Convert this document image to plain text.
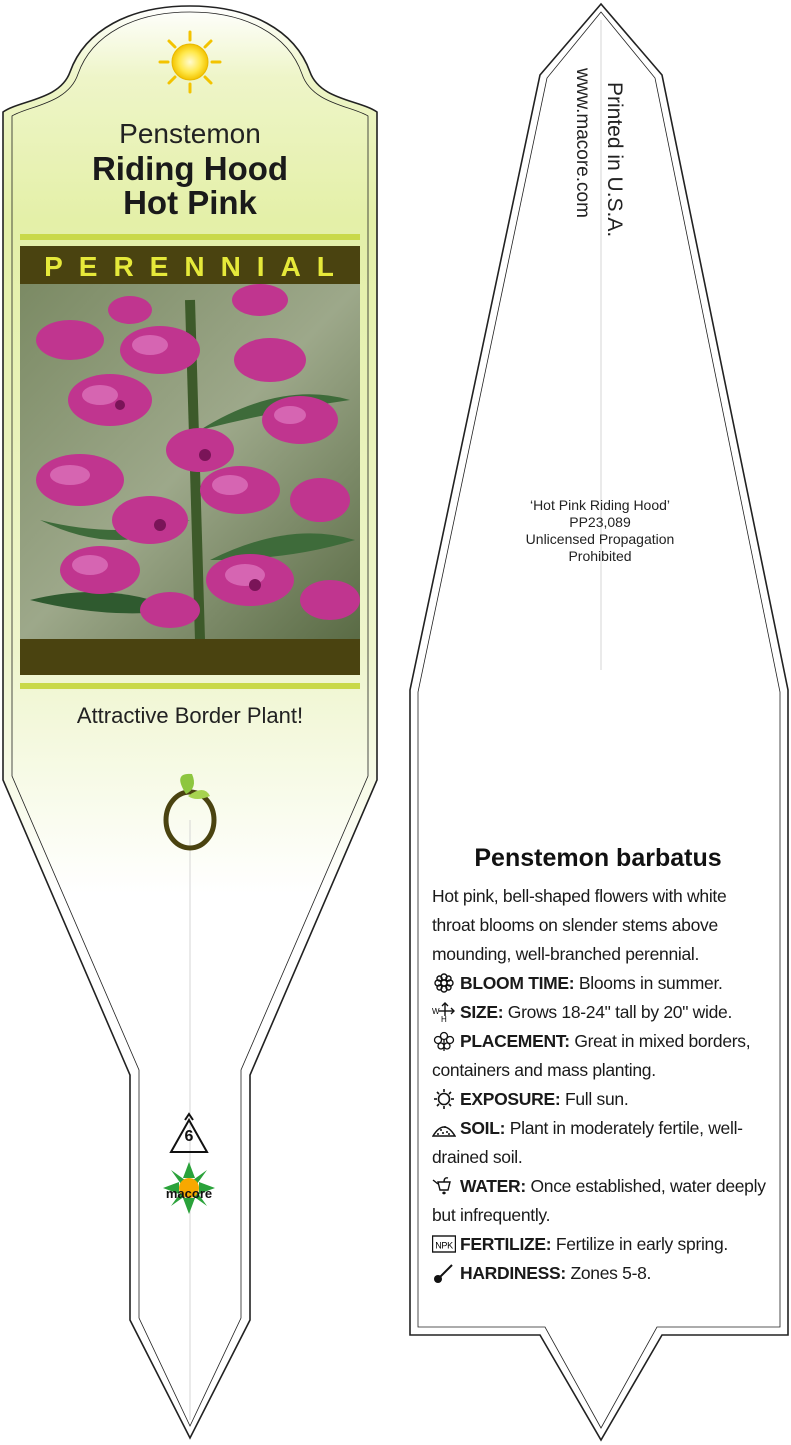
Penstemon
Riding Hood
Hot Pink
PERENNIAL
Attractive Border Plant!
6
macore
Printed in U.S.A.
www.macore.com
‘Hot Pink Riding Hood’
PP23,089
Unlicensed Propagation
Prohibited
Penstemon barbatus

Hot pink, bell-shaped flowers with white throat blooms on slender stems above mounding, well-branched perennial.

BLOOM TIME: Blooms in summer.

W
H SIZE: Grows 18-24" tall by 20" wide.

PLACEMENT: Great in mixed borders, containers and mass planting.

EXPOSURE: Full sun.

SOIL: Plant in moderately fertile, well-drained soil.

WATER: Once established, water deeply but infrequently.

NPK FERTILIZE: Fertilize in early spring.

HARDINESS: Zones 5-8.
